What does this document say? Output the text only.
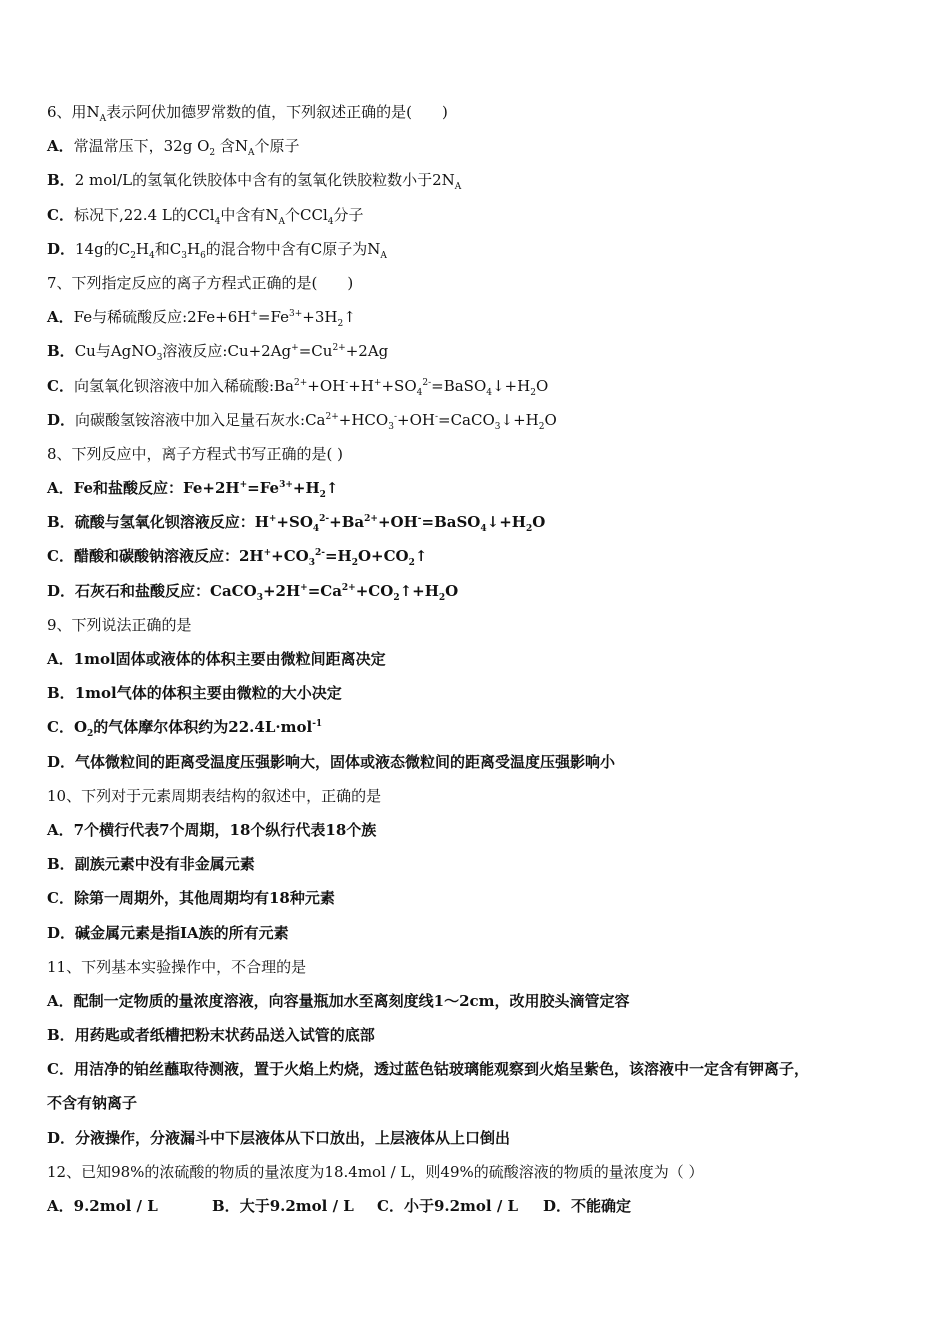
6、用$N_A$表示阿伏加德罗常数的值，下列叙述正确的是(　　)
A．常温常压下，32g $O_2$ 含$N_A$个原子
B．2 mol/L的氢氧化铁胶体中含有的氢氧化铁胶粒数小于$2N_A$
C．标况下,22.4 L的CCl$_4$中含有$N_A$个CCl$_4$分子
D．14g的$C_2H_4$和$C_3H_6$的混合物中含有C原子为$N_A$
7、下列指定反应的离子方程式正确的是(　　)
A．Fe与稀硫酸反应$:2Fe+6H^+=Fe^{3+}+3H_2↑$
B．Cu与AgNO$_3$溶液反应$:Cu+2Ag^+=Cu^{2+}+2Ag$
C．向氢氧化钡溶液中加入稀硫酸$:Ba^{2+}+OH^-+H^++SO_4^{2-}=BaSO_4↓+H_2O$
D．向碳酸氢铵溶液中加入足量石灰水$:Ca^{2+}+HCO_3^-+OH^-=CaCO_3↓+H_2O$
8、下列反应中，离子方程式书写正确的是( )
A．Fe和盐酸反应：$Fe+2H^+=Fe^{3+}+H_2↑$
B．硫酸与氢氧化钡溶液反应：$H^++SO_4^{2-}+Ba^{2+}+OH^-=BaSO_4↓+H_2O$
C．醋酸和碳酸钠溶液反应：$2H^++CO_3^{2-}=H_2O+CO_2↑$
D．石灰石和盐酸反应：$CaCO_3+2H^+=Ca^{2+}+CO_2↑+H_2O$
9、下列说法正确的是
A．1mol固体或液体的体积主要由微粒间距离决定
B．1mol气体的体积主要由微粒的大小决定
C．$O_2$的气体摩尔体积约为22.4L·mol$^{-1}$
D．气体微粒间的距离受温度压强影响大，固体或液态微粒间的距离受温度压强影响小
10、下列对于元素周期表结构的叙述中，正确的是
A．7个横行代表7个周期，18个纵行代表18个族
B．副族元素中没有非金属元素
C．除第一周期外，其他周期均有18种元素
D．碱金属元素是指ⅠA族的所有元素
11、下列基本实验操作中，不合理的是
A．配制一定物质的量浓度溶液，向容量瓶加水至离刻度线1～2cm，改用胶头滴管定容
B．用药匙或者纸槽把粉末状药品送入试管的底部
C．用洁净的铂丝蘸取待测液，置于火焰上灼烧，透过蓝色钴玻璃能观察到火焰呈紫色，该溶液中一定含有钾离子，
不含有钠离子
D．分液操作，分液漏斗中下层液体从下口放出，上层液体从上口倒出
12、已知98%的浓硫酸的物质的量浓度为18.4mol / L，则49%的硫酸溶液的物质的量浓度为（ ）
A．9.2mol / L	B．大于9.2mol / L C．小于9.2mol / L D．不能确定
